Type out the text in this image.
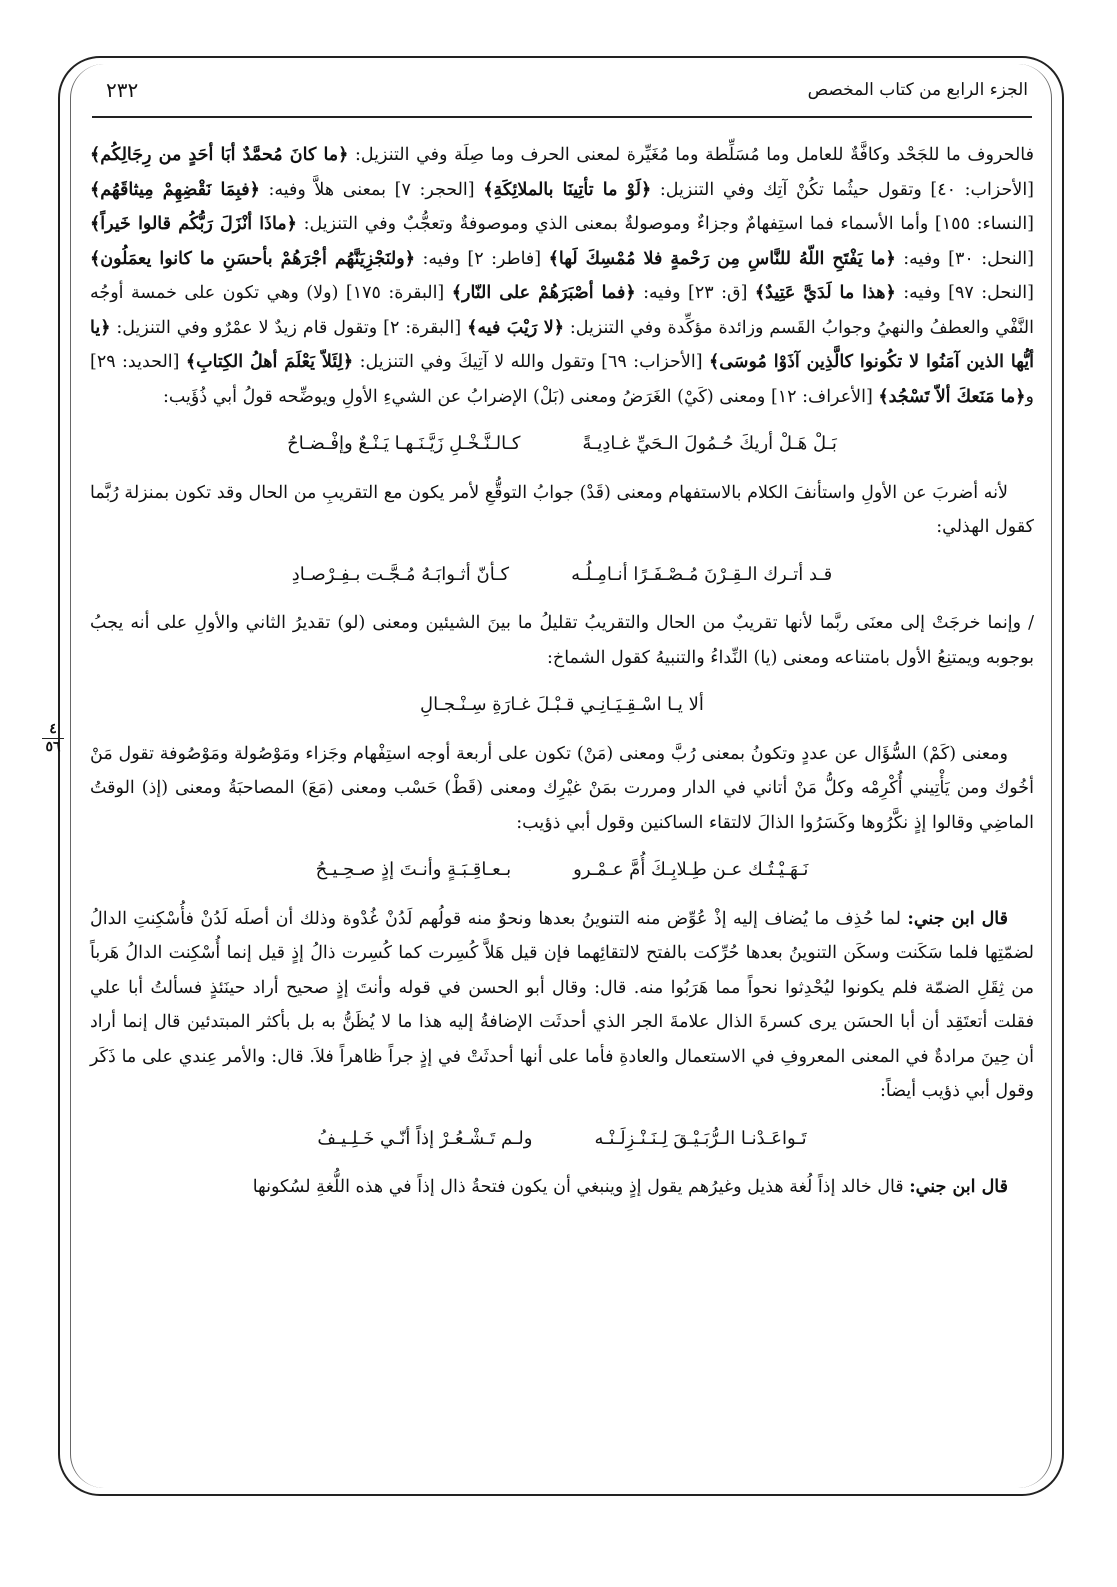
الجزء الرابع من كتاب المخصص
٢٣٢
٤
٥٦

فالحروف ما للجَحْد وكافَّةٌ للعامل وما مُسَلِّطة وما مُغَيِّرة لمعنى الحرف وما صِلَة وفي التنزيل: ﴿ما كانَ مُحمَّدٌ أبَا أحَدٍ من رِجَالِكُم﴾ [الأحزاب: ٤٠] وتقول حيثُما تكُنْ آتِك وفي التنزيل: ﴿لَوْ ما تأتِينَا بالملائِكَةِ﴾ [الحجر: ٧] بمعنى هلاَّ وفيه: ﴿فبِمَا نَقْضِهِمْ مِيثاقَهُم﴾ [النساء: ١٥٥] وأما الأسماء فما استِفهامٌ وجزاءٌ وموصولةٌ بمعنى الذي وموصوفةٌ وتعجُّبٌ وفي التنزيل: ﴿ماذَا أنْزَلَ رَبُّكُم قالوا خَيراً﴾ [النحل: ٣٠] وفيه: ﴿ما يَفْتَحِ اللّهُ للنَّاسِ مِن رَحْمةٍ فلا مُمْسِكَ لَها﴾ [فاطر: ٢] وفيه: ﴿ولنَجْزِيَنَّهُم أجْرَهُمْ بأحسَنِ ما كانوا يعمَلُون﴾ [النحل: ٩٧] وفيه: ﴿هذا ما لَدَيَّ عَتِيدٌ﴾ [ق: ٢٣] وفيه: ﴿فما أصْبَرَهُمْ على النّار﴾ [البقرة: ١٧٥] (ولا) وهي تكون على خمسة أوجُه النَّفْي والعطفُ والنهيُ وجوابُ القَسم وزائدة مؤكِّدة وفي التنزيل: ﴿لا رَيْبَ فيه﴾ [البقرة: ٢] وتقول قام زيدٌ لا عمْرٌو وفي التنزيل: ﴿يا أيُّها الذين آمَنُوا لا تكُونوا كالَّذِين آذَوْا مُوسَى﴾ [الأحزاب: ٦٩] وتقول والله لا آتِيكَ وفي التنزيل: ﴿لِئَلاّ يَعْلَمَ أهلُ الكِتابِ﴾ [الحديد: ٢٩] و﴿ما مَنَعكَ ألاّ تَسْجُد﴾ [الأعراف: ١٢] ومعنى (كَيْ) الغَرَضُ ومعنى (بَلْ) الإضرابُ عن الشيءِ الأولِ ويوضِّحه قولُ أبي ذُؤَيب:

بَـلْ هَـلْ أريكَ حُـمُولَ الـحَيِّ غـادِيـةًكـالـنَّـخْـلِ زَيَّـنَـهـا يَـنْـعٌ وإفْـضـاحُ

لأنه أضربَ عن الأولِ واستأنفَ الكلام بالاستفهام ومعنى (قَدْ) جوابُ التوقُّعِ لأمر يكون مع التقريبِ من الحال وقد تكون بمنزلة رُبَّما كقول الهذلي:

قـد أتـرك الـقِـرْنَ مُـصْـفَـرًا أنـامِـلُـهكـأنّ أثـوابَـهُ مُـجَّـت بـفِـرْصـادِ

/ وإنما خرجَتْ إلى معنَى ربَّما لأنها تقريبٌ من الحال والتقريبُ تقليلُ ما بينَ الشيئين ومعنى (لو) تقديرُ الثاني والأولِ على أنه يجبُ بوجوبه ويمتنِعُ الأول بامتناعه ومعنى (يا) النِّداءُ والتنبيهُ كقول الشماخ:

ألا يـا اسْـقِـيَـانِـي قـبْـلَ غـارَةِ سِـنْـجـالِ

ومعنى (كَمْ) السُّؤَال عن عددٍ وتكونُ بمعنى رُبَّ ومعنى (مَنْ) تكون على أربعة أوجه استِفْهام وجَزاء ومَوْصُولة ومَوْصُوفة تقول مَنْ أخُوك ومن يَأْتِيني أُكْرِمْه وكلُّ مَنْ أتاني في الدار ومررت بمَنْ غيْرِك ومعنى (قَطْ) حَسْب ومعنى (مَعَ) المصاحبَةُ ومعنى (إذ) الوقتُ الماضِي وقالوا إذٍ نكَّرُوها وكَسَرُوا الذالَ لالتقاء الساكنين وقول أبي ذؤيب:

نَـهَـيْـتُـك عـن طِـلابِـكَ أُمَّ عـمْـروبـعـاقِـبَـةٍ وأنـتَ إذٍ صـحِـيـحُ

قال ابن جني: لما حُذِف ما يُضاف إليه إذْ عُوِّض منه التنوينُ بعدها ونحوٌ منه قولُهم لَدُنْ غُدْوة وذلك أن أصلَه لَدُنْ فأُسْكِنتِ الدالُ لضمّتِها فلما سَكَنت وسكَن التنوينُ بعدها حُرِّكت بالفتح لالتقائِهما فإن قيل هَلاَّ كُسِرت كما كُسِرت ذالُ إذٍ قيل إنما أُسْكِنت الدالُ هَرباً من ثِقَلِ الضمّة فلم يكونوا ليُحْدِثوا نحواً مما هَرَبُوا منه. قال: وقال أبو الحسن في قوله وأنتَ إذٍ صحيح أراد حينَئذٍ فسألتُ أبا علي فقلت أتعتَقِد أن أبا الحسَن يرى كسرةَ الذال علامةَ الجر الذي أحدثَت الإضافةُ إليه هذا ما لا يُظَنُّ به بل بأكثر المبتدئين قال إنما أراد أن حِينَ مرادةٌ في المعنى المعروفِ في الاستعمال والعادةِ فأما على أنها أحدثَتْ في إذٍ جراً ظاهراً فلاَ. قال: والأمر عِندي على ما ذَكَر وقول أبي ذؤيب أيضاً:

تَـواعَـدْنـا الـرُّبَـيْـقَ لِـنَـنْـزِلَـنْـهولـم تَـشْـعُـرْ إذاً أنّـي خَـلِـيـفُ

قال ابن جني: قال خالد إذاً لُغة هذيل وغيرُهم يقول إذٍ وينبغي أن يكون فتحةُ ذال إذاً في هذه اللُّغةِ لسُكونها
